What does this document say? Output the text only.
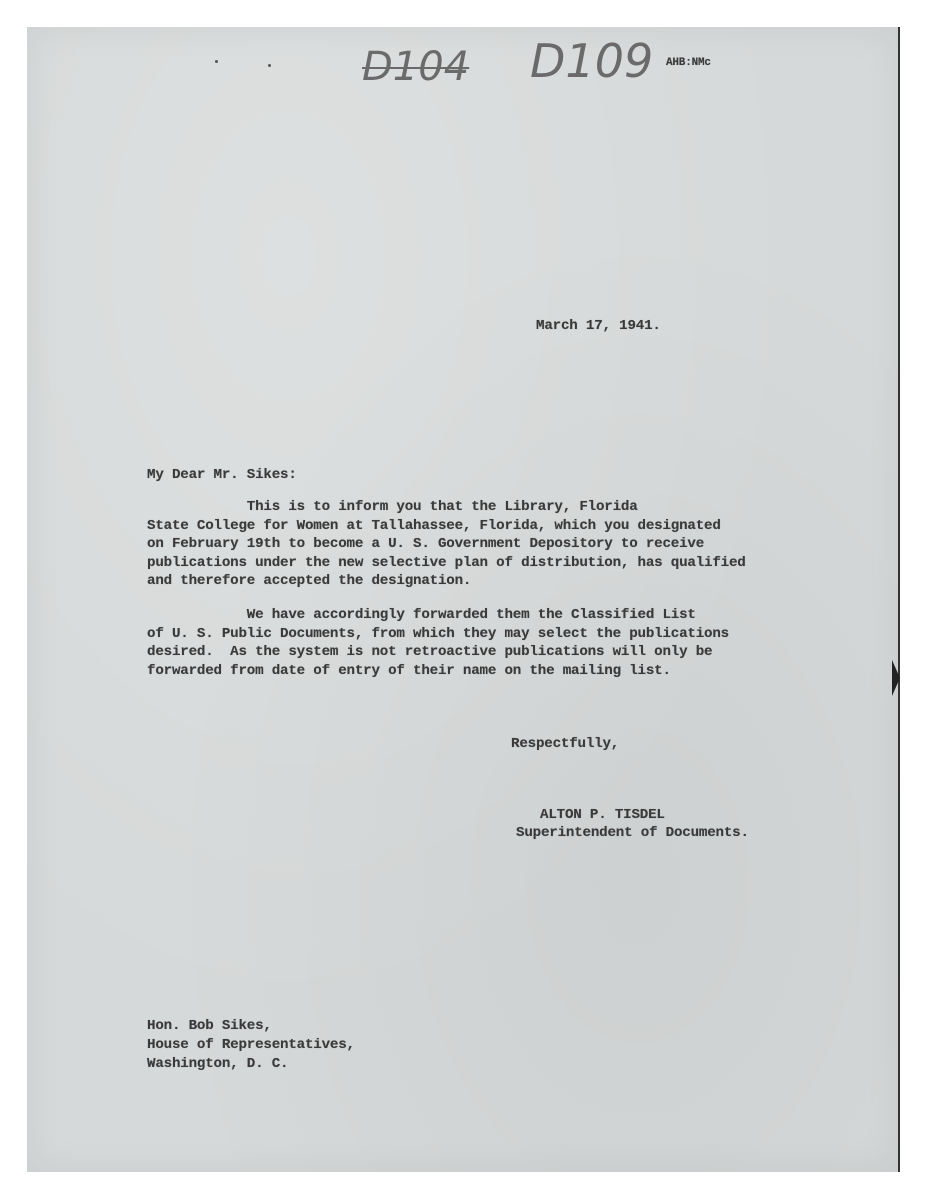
D104 D109 AHB:NMc
March 17, 1941.
My Dear Mr. Sikes:
This is to inform you that the Library, Florida
State College for Women at Tallahassee, Florida, which you designated
on February 19th to become a U. S. Government Depository to receive
publications under the new selective plan of distribution, has qualified
and therefore accepted the designation.
We have accordingly forwarded them the Classified List
of U. S. Public Documents, from which they may select the publications
desired.  As the system is not retroactive publications will only be
forwarded from date of entry of their name on the mailing list.
Respectfully,
ALTON P. TISDEL
Superintendent of Documents.
Hon. Bob Sikes,
House of Representatives,
Washington, D. C.
